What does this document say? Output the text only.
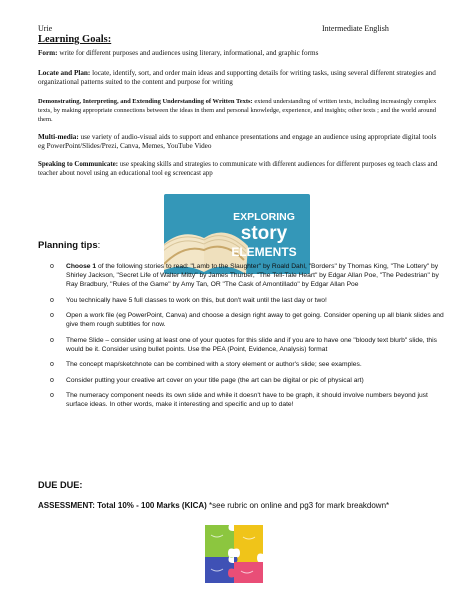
Urie	Intermediate English
Learning Goals:
Form: write for different purposes and audiences using literary, informational, and graphic forms
Locate and Plan: locate, identify, sort, and order main ideas and supporting details for writing tasks, using several different strategies and organizational patterns suited to the content and purpose for writing
Demonstrating, Interpreting, and Extending Understanding of Written Texts: extend understanding of written texts, including increasingly complex texts, by making appropriate connections between the ideas in them and personal knowledge, experience, and insights; other texts ; and the world around them.
Multi-media: use variety of audio-visual aids to support and enhance presentations and engage an audience using appropriate digital tools eg PowerPoint/Slides/Prezi, Canva, Memes, YouTube Video
Speaking to Communicate: use speaking skills and strategies to communicate with different audiences for different purposes eg teach class and teacher about novel using an educational tool eg screencast app
EXPLORING
story
ELEMENTS
Planning tips:
o Choose 1 of the following stories to read: "Lamb to the Slaughter" by Roald Dahl, "Borders" by Thomas King, "The Lottery" by Shirley Jackson, "Secret Life of Walter Mitty" by James Thurber, "The Tell-Tale Heart" by Edgar Allan Poe, "The Pedestrian" by Ray Bradbury, "Rules of the Game" by Amy Tan, OR "The Cask of Amontillado" by Edgar Allan Poe
o You technically have 5 full classes to work on this, but don't wait until the last day or two!
o Open a work file (eg PowerPoint, Canva) and choose a design right away to get going. Consider opening up all blank slides and give them rough subtitles for now.
o Theme Slide – consider using at least one of your quotes for this slide and if you are to have one "bloody text blurb" slide, this would be it. Consider using bullet points. Use the PEA (Point, Evidence, Analysis) format
o The concept map/sketchnote can be combined with a story element or author's slide; see examples.
o Consider putting your creative art cover on your title page (the art can be digital or pic of physical art)
o The numeracy component needs its own slide and while it doesn't have to be graph, it should involve numbers beyond just surface ideas. In other words, make it interesting and specific and up to date!
DUE DUE:
ASSESSMENT: Total 10% - 100 Marks (KICA) *see rubric on online and pg3 for mark breakdown*
